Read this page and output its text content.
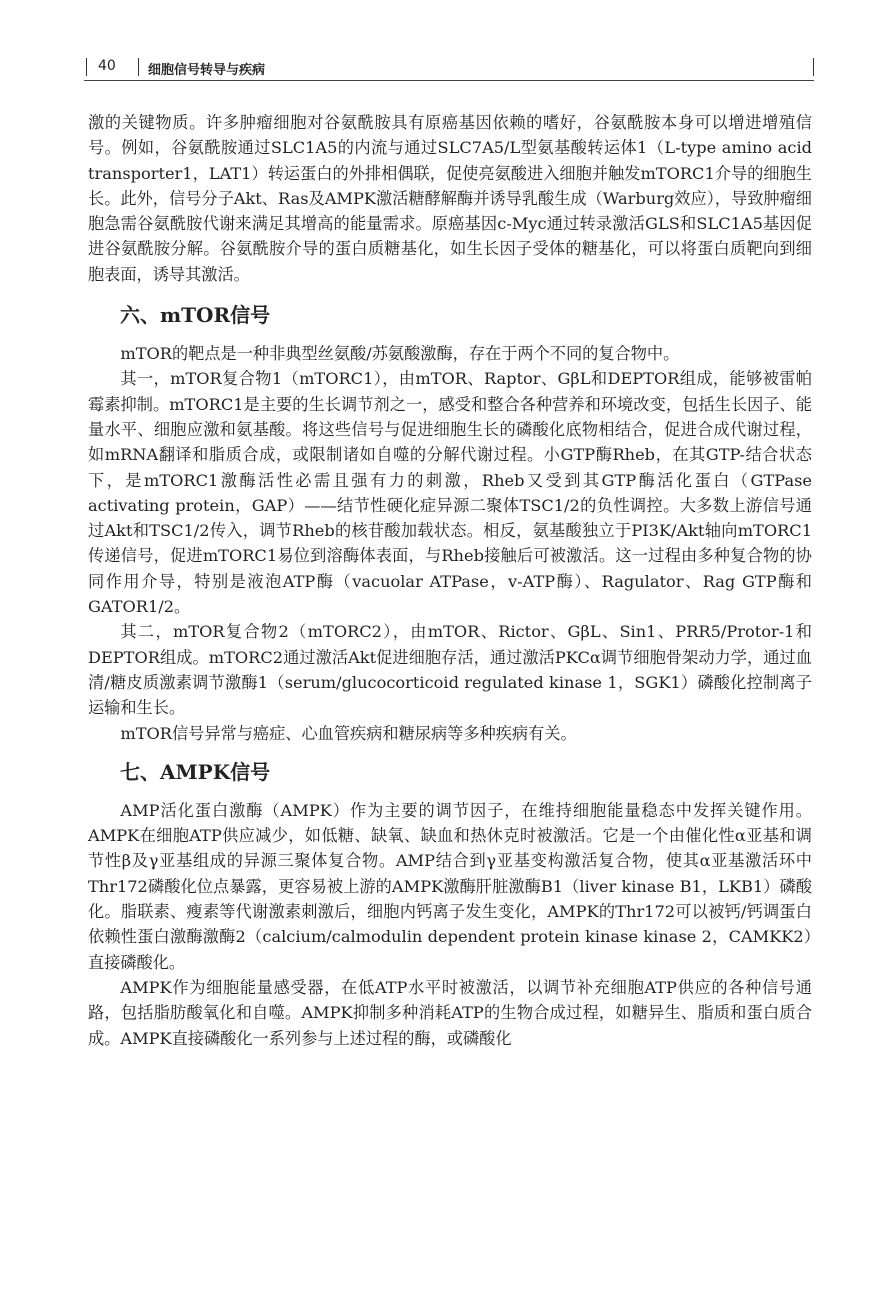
40 细胞信号转导与疾病

激的关键物质。许多肿瘤细胞对谷氨酰胺具有原癌基因依赖的嗜好，谷氨酰胺本身可以增进增殖信号。例如，谷氨酰胺通过SLC1A5的内流与通过SLC7A5/L型氨基酸转运体1（L-type amino acid transporter1，LAT1）转运蛋白的外排相偶联，促使亮氨酸进入细胞并触发mTORC1介导的细胞生长。此外，信号分子Akt、Ras及AMPK激活糖酵解酶并诱导乳酸生成（Warburg效应），导致肿瘤细胞急需谷氨酰胺代谢来满足其增高的能量需求。原癌基因c-Myc通过转录激活GLS和SLC1A5基因促进谷氨酰胺分解。谷氨酰胺介导的蛋白质糖基化，如生长因子受体的糖基化，可以将蛋白质靶向到细胞表面，诱导其激活。

六、mTOR信号

mTOR的靶点是一种非典型丝氨酸/苏氨酸激酶，存在于两个不同的复合物中。

其一，mTOR复合物1（mTORC1），由mTOR、Raptor、GβL和DEPTOR组成，能够被雷帕霉素抑制。mTORC1是主要的生长调节剂之一，感受和整合各种营养和环境改变，包括生长因子、能量水平、细胞应激和氨基酸。将这些信号与促进细胞生长的磷酸化底物相结合，促进合成代谢过程，如mRNA翻译和脂质合成，或限制诸如自噬的分解代谢过程。小GTP酶Rheb，在其GTP-结合状态下，是mTORC1激酶活性必需且强有力的刺激，Rheb又受到其GTP酶活化蛋白（GTPase activating protein，GAP）——结节性硬化症异源二聚体TSC1/2的负性调控。大多数上游信号通过Akt和TSC1/2传入，调节Rheb的核苷酸加载状态。相反，氨基酸独立于PI3K/Akt轴向mTORC1传递信号，促进mTORC1易位到溶酶体表面，与Rheb接触后可被激活。这一过程由多种复合物的协同作用介导，特别是液泡ATP酶（vacuolar ATPase，v-ATP酶）、Ragulator、Rag GTP酶和GATOR1/2。

其二，mTOR复合物2（mTORC2），由mTOR、Rictor、GβL、Sin1、PRR5/Protor-1和DEPTOR组成。mTORC2通过激活Akt促进细胞存活，通过激活PKCα调节细胞骨架动力学，通过血清/糖皮质激素调节激酶1（serum/glucocorticoid regulated kinase 1，SGK1）磷酸化控制离子运输和生长。

mTOR信号异常与癌症、心血管疾病和糖尿病等多种疾病有关。

七、AMPK信号

AMP活化蛋白激酶（AMPK）作为主要的调节因子，在维持细胞能量稳态中发挥关键作用。AMPK在细胞ATP供应减少，如低糖、缺氧、缺血和热休克时被激活。它是一个由催化性α亚基和调节性β及γ亚基组成的异源三聚体复合物。AMP结合到γ亚基变构激活复合物，使其α亚基激活环中Thr172磷酸化位点暴露，更容易被上游的AMPK激酶肝脏激酶B1（liver kinase B1，LKB1）磷酸化。脂联素、瘦素等代谢激素刺激后，细胞内钙离子发生变化，AMPK的Thr172可以被钙/钙调蛋白依赖性蛋白激酶激酶2（calcium/calmodulin dependent protein kinase kinase 2，CAMKK2）直接磷酸化。

AMPK作为细胞能量感受器，在低ATP水平时被激活，以调节补充细胞ATP供应的各种信号通路，包括脂肪酸氧化和自噬。AMPK抑制多种消耗ATP的生物合成过程，如糖异生、脂质和蛋白质合成。AMPK直接磷酸化一系列参与上述过程的酶，或磷酸化
